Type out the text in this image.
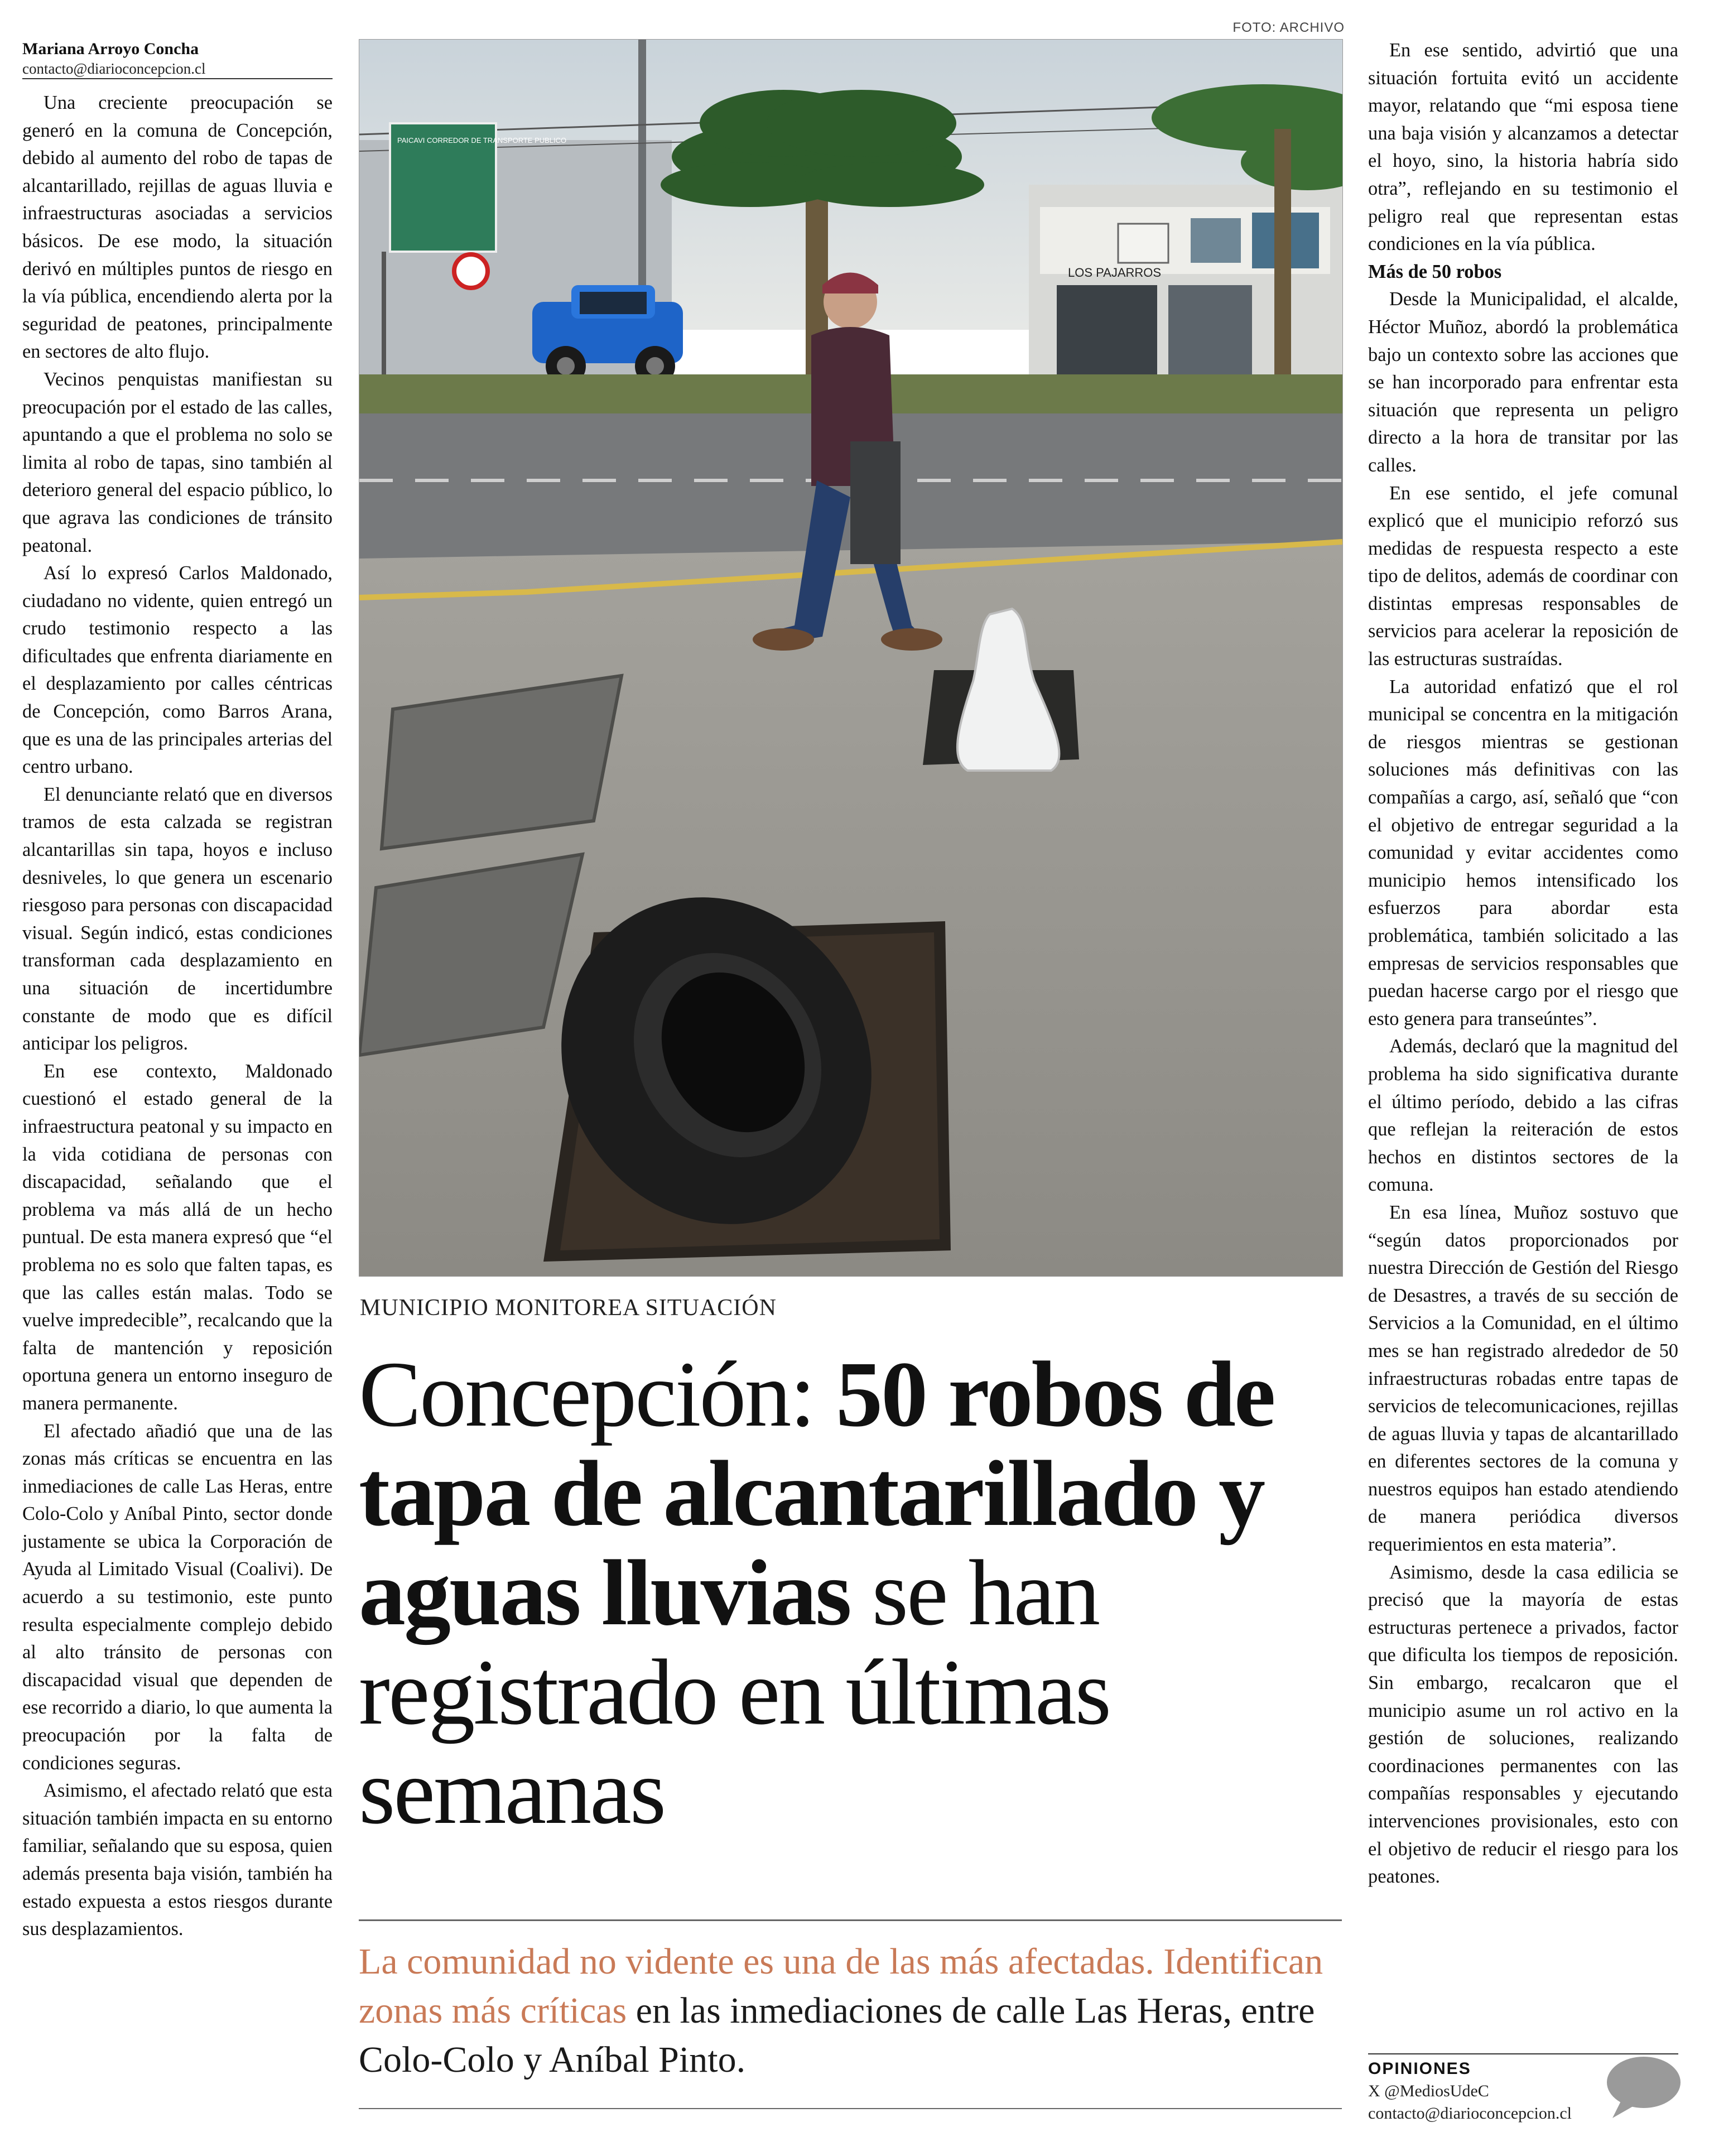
Mariana Arroyo Concha
contacto@diarioconcepcion.cl

Una creciente preocupación se generó en la comuna de Concepción, debido al aumento del robo de tapas de alcantarillado, rejillas de aguas lluvia e infraestructuras asociadas a servicios básicos. De ese modo, la situación derivó en múltiples puntos de riesgo en la vía pública, encendiendo alerta por la seguridad de peatones, principalmente en sectores de alto flujo.

Vecinos penquistas manifiestan su preocupación por el estado de las calles, apuntando a que el problema no solo se limita al robo de tapas, sino también al deterioro general del espacio público, lo que agrava las condiciones de tránsito peatonal.

Así lo expresó Carlos Maldonado, ciudadano no vidente, quien entregó un crudo testimonio respecto a las dificultades que enfrenta diariamente en el desplazamiento por calles céntricas de Concepción, como Barros Arana, que es una de las principales arterias del centro urbano.

El denunciante relató que en diversos tramos de esta calzada se registran alcantarillas sin tapa, hoyos e incluso desniveles, lo que genera un escenario riesgoso para personas con discapacidad visual. Según indicó, estas condiciones transforman cada desplazamiento en una situación de incertidumbre constante de modo que es difícil anticipar los peligros.

En ese contexto, Maldonado cuestionó el estado general de la infraestructura peatonal y su impacto en la vida cotidiana de personas con discapacidad, señalando que el problema va más allá de un hecho puntual. De esta manera expresó que “el problema no es solo que falten tapas, es que las calles están malas. Todo se vuelve impredecible”, recalcando que la falta de mantención y reposición oportuna genera un entorno inseguro de manera permanente.

El afectado añadió que una de las zonas más críticas se encuentra en las inmediaciones de calle Las Heras, entre Colo-Colo y Aníbal Pinto, sector donde justamente se ubica la Corporación de Ayuda al Limitado Visual (Coalivi). De acuerdo a su testimonio, este punto resulta especialmente complejo debido al alto tránsito de personas con discapacidad visual que dependen de ese recorrido a diario, lo que aumenta la preocupación por la falta de condiciones seguras.

Asimismo, el afectado relató que esta situación también impacta en su entorno familiar, señalando que su esposa, quien además presenta baja visión, también ha estado expuesta a estos riesgos durante sus desplazamientos.

FOTO: ARCHIVO
LOS PAJARROS
PAICAVI CORREDOR DE TRANSPORTE PUBLICO
MUNICIPIO MONITOREA SITUACIÓN
Concepción: 50 robos de tapa de alcantarillado y aguas lluvias se han registrado en últimas semanas
La comunidad no vidente es una de las más afectadas. Identifican zonas más críticas en las inmediaciones de calle Las Heras, entre Colo-Colo y Aníbal Pinto.

En ese sentido, advirtió que una situación fortuita evitó un accidente mayor, relatando que “mi esposa tiene una baja visión y alcanzamos a detectar el hoyo, sino, la historia habría sido otra”, reflejando en su testimonio el peligro real que representan estas condiciones en la vía pública.

Más de 50 robos

Desde la Municipalidad, el alcalde, Héctor Muñoz, abordó la problemática bajo un contexto sobre las acciones que se han incorporado para enfrentar esta situación que representa un peligro directo a la hora de transitar por las calles.

En ese sentido, el jefe comunal explicó que el municipio reforzó sus medidas de respuesta respecto a este tipo de delitos, además de coordinar con distintas empresas responsables de servicios para acelerar la reposición de las estructuras sustraídas.

La autoridad enfatizó que el rol municipal se concentra en la mitigación de riesgos mientras se gestionan soluciones más definitivas con las compañías a cargo, así, señaló que “con el objetivo de entregar seguridad a la comunidad y evitar accidentes como municipio hemos intensificado los esfuerzos para abordar esta problemática, también solicitado a las empresas de servicios responsables que puedan hacerse cargo por el riesgo que esto genera para transeúntes”.

Además, declaró que la magnitud del problema ha sido significativa durante el último período, debido a las cifras que reflejan la reiteración de estos hechos en distintos sectores de la comuna.

En esa línea, Muñoz sostuvo que “según datos proporcionados por nuestra Dirección de Gestión del Riesgo de Desastres, a través de su sección de Servicios a la Comunidad, en el último mes se han registrado alrededor de 50 infraestructuras robadas entre tapas de servicios de telecomunicaciones, rejillas de aguas lluvia y tapas de alcantarillado en diferentes sectores de la comuna y nuestros equipos han estado atendiendo de manera periódica diversos requerimientos en esta materia”.

Asimismo, desde la casa edilicia se precisó que la mayoría de estas estructuras pertenece a privados, factor que dificulta los tiempos de reposición. Sin embargo, recalcaron que el municipio asume un rol activo en la gestión de soluciones, realizando coordinaciones permanentes con las compañías responsables y ejecutando intervenciones provisionales, esto con el objetivo de reducir el riesgo para los peatones.

OPINIONES
X @MediosUdeC
contacto@diarioconcepcion.cl
